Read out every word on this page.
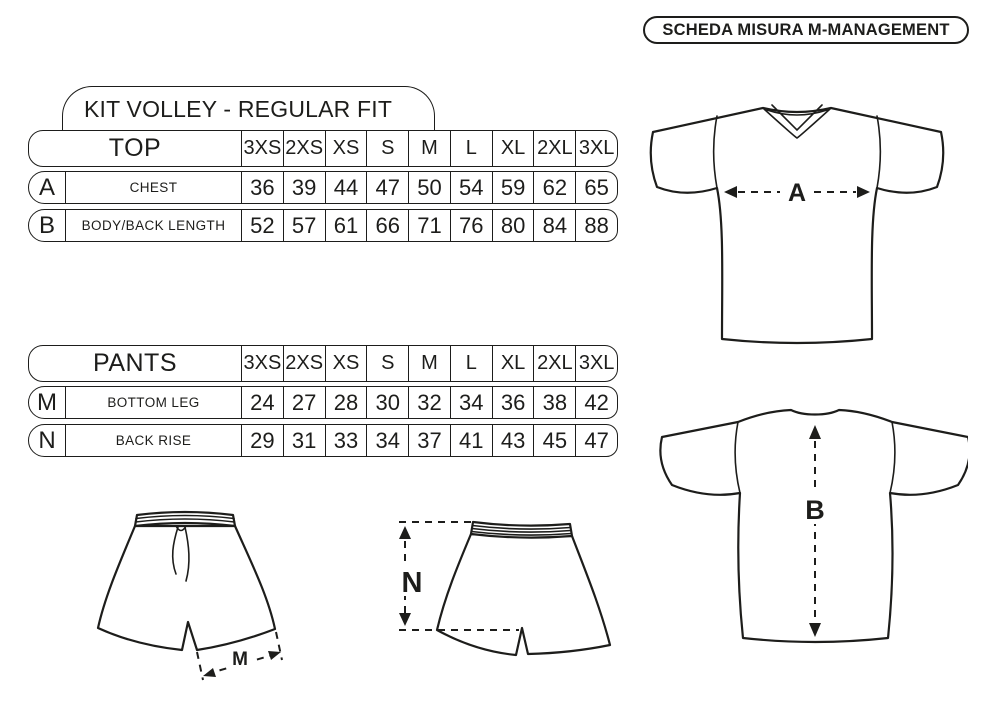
SCHEDA MISURA M-MANAGEMENT
KIT VOLLEY - REGULAR FIT
TOP	3XS 2XS XS	S	M	L	XL 2XL 3XL
A	CHEST	36 39 44 47 50 54 59 62 65
B	BODY/BACK LENGTH	52 57 61 66 71 76 80 84 88
PANTS	3XS 2XS XS	S	M	L	XL 2XL 3XL
M	BOTTOM LEG	24 27 28 30 32 34 36 38 42
N	BACK RISE	29 31 33 34 37 41 43 45 47
A
B
M
N
